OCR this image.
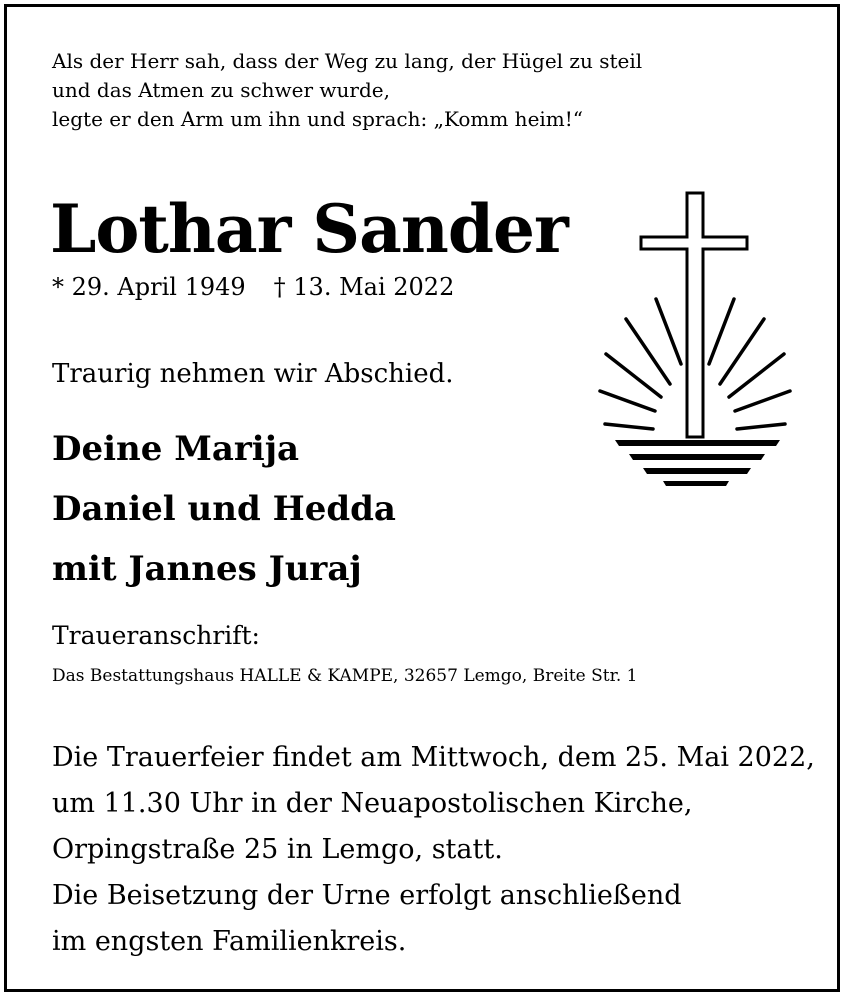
Als der Herr sah, dass der Weg zu lang, der Hügel zu steil
und das Atmen zu schwer wurde,
legte er den Arm um ihn und sprach: „Komm heim!“
Lothar Sander
* 29. April 1949 † 13. Mai 2022

Traurig nehmen wir Abschied.

Deine Marija
Daniel und Hedda
mit Jannes Juraj

Traueranschrift:

Das Bestattungshaus HALLE & KAMPE, 32657 Lemgo, Breite Str. 1

Die Trauerfeier findet am Mittwoch, dem 25. Mai 2022,
um 11.30 Uhr in der Neuapostolischen Kirche,
Orpingstraße 25 in Lemgo, statt.
Die Beisetzung der Urne erfolgt anschließend
im engsten Familienkreis.
